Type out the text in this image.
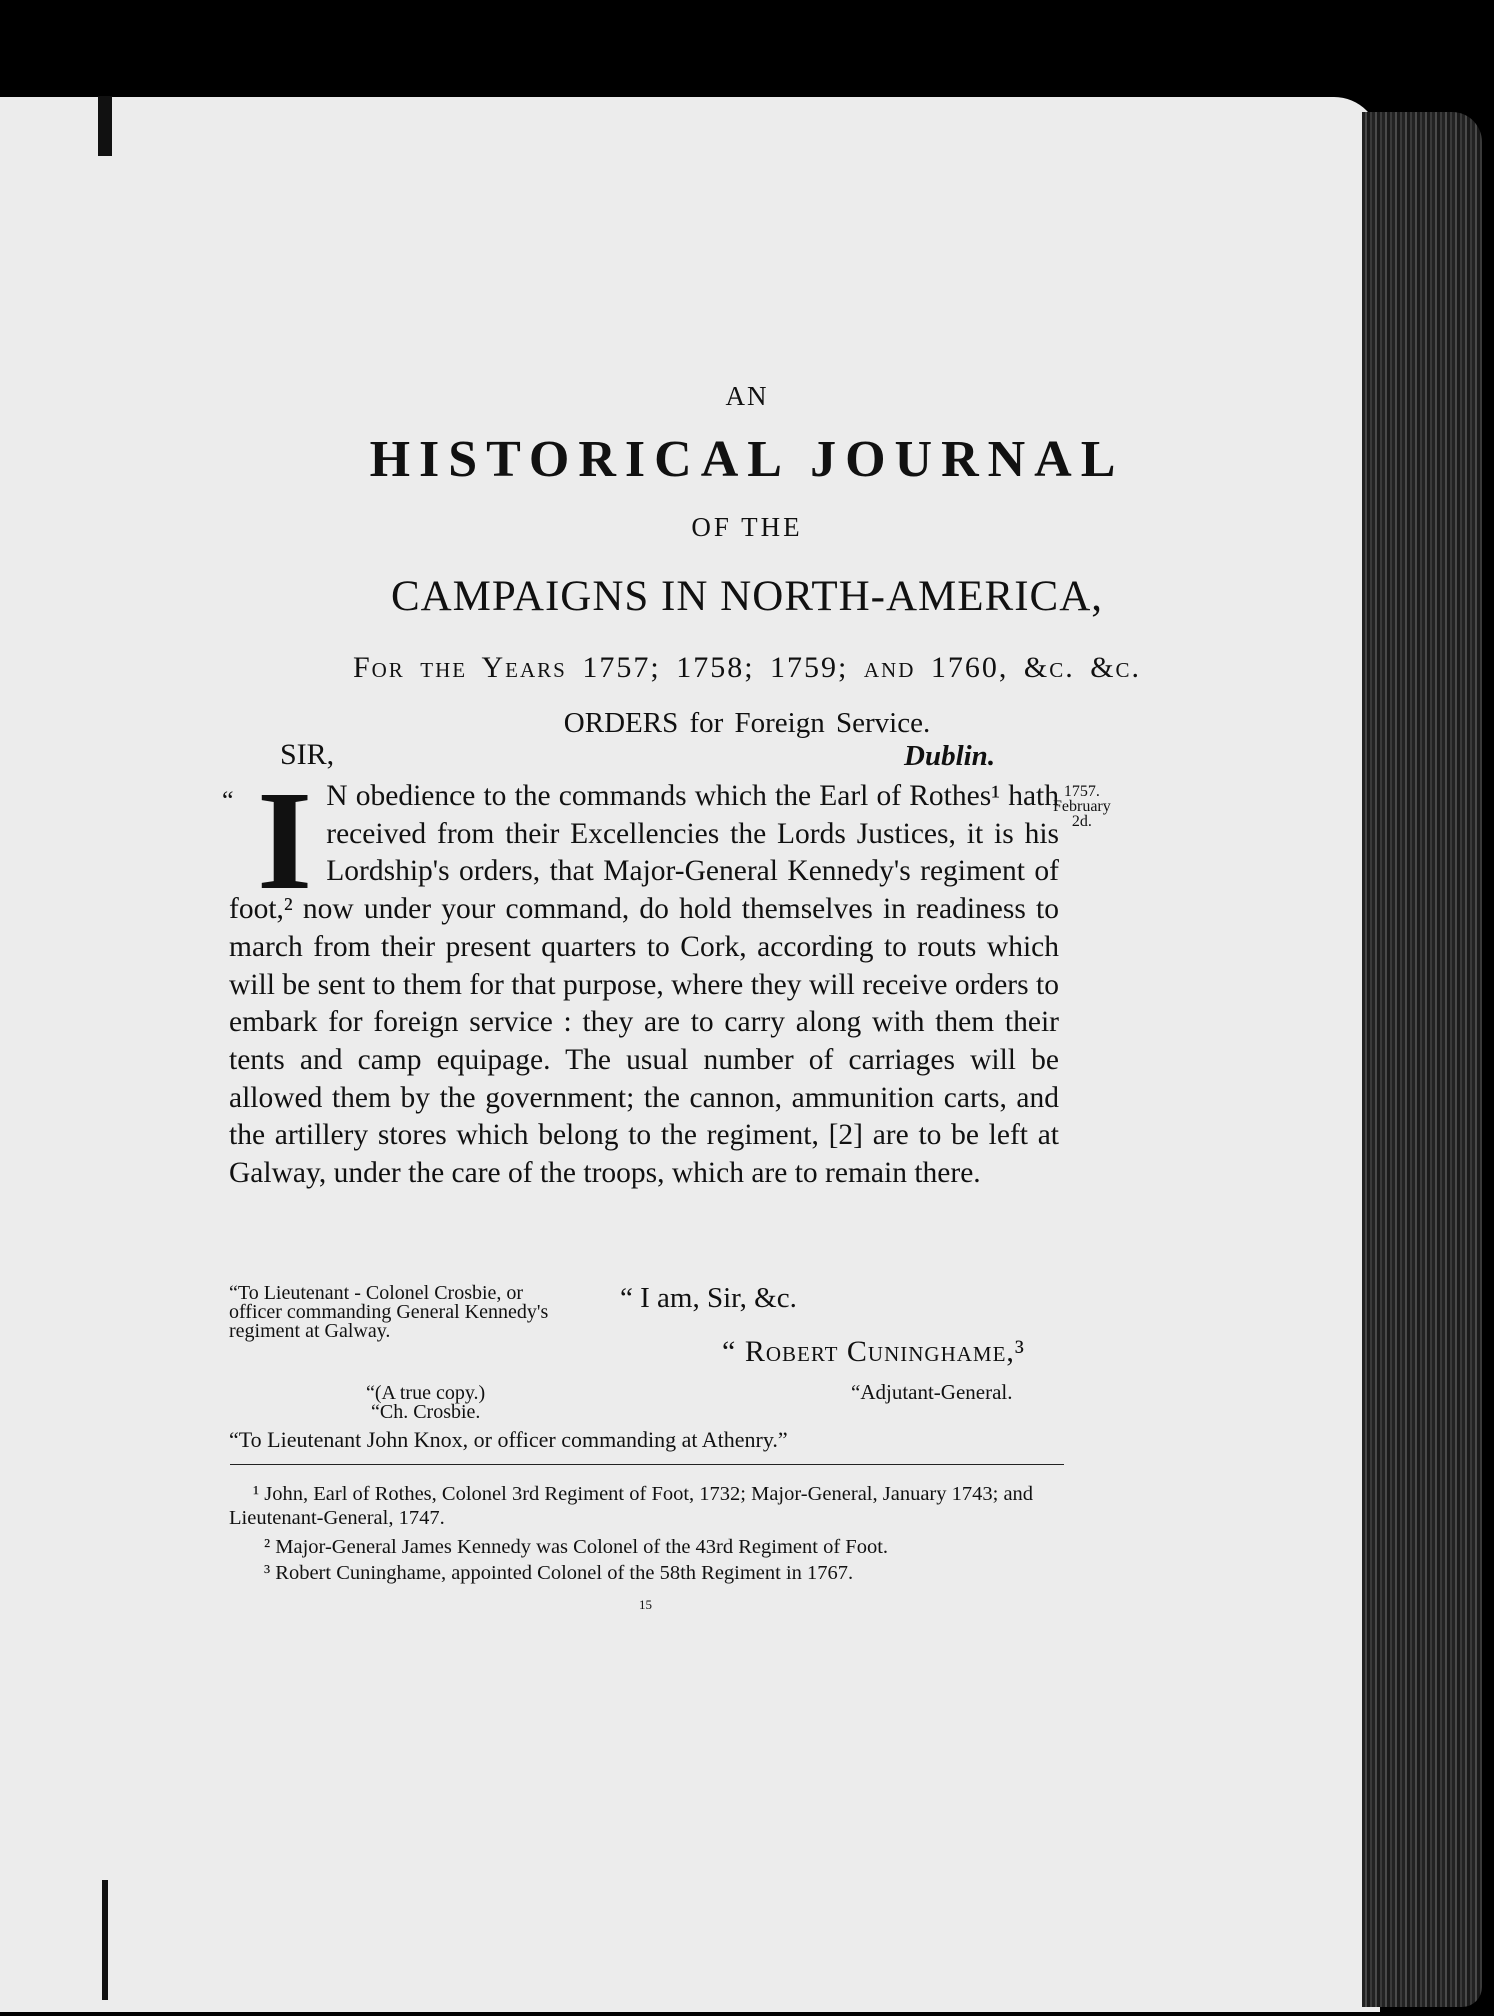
AN
HISTORICAL JOURNAL
OF THE
CAMPAIGNS IN NORTH-AMERICA,
For the Years 1757; 1758; 1759; and 1760, &c. &c.
ORDERS for Foreign Service.
SIR,	Dublin.
“ I N obedience to the commands which the Earl of Rothes¹ hath received from their Excellencies the Lords Justices, it is his Lordship's orders, that Major-General Kennedy's regiment of foot,² now under your command, do hold themselves in readiness to march from their present quarters to Cork, according to routs which will be sent to them for that purpose, where they will receive orders to embark for foreign service : they are to carry along with them their tents and camp equipage. The usual number of carriages will be allowed them by the government; the cannon, ammunition carts, and the artillery stores which belong to the regiment, [2] are to be left at Galway, under the care of the troops, which are to remain there.
1757.
February
2d.
“To Lieutenant - Colonel Crosbie, or officer commanding General Kennedy's regiment at Galway.
“(A true copy.)
“Ch. Crosbie.
“ I am, Sir, &c.
“ Robert Cuninghame,³
“Adjutant-General.
“To Lieutenant John Knox, or officer commanding at Athenry.”
¹ John, Earl of Rothes, Colonel 3rd Regiment of Foot, 1732; Major-General, January 1743; and Lieutenant-General, 1747.
² Major-General James Kennedy was Colonel of the 43rd Regiment of Foot.
³ Robert Cuninghame, appointed Colonel of the 58th Regiment in 1767.
15
